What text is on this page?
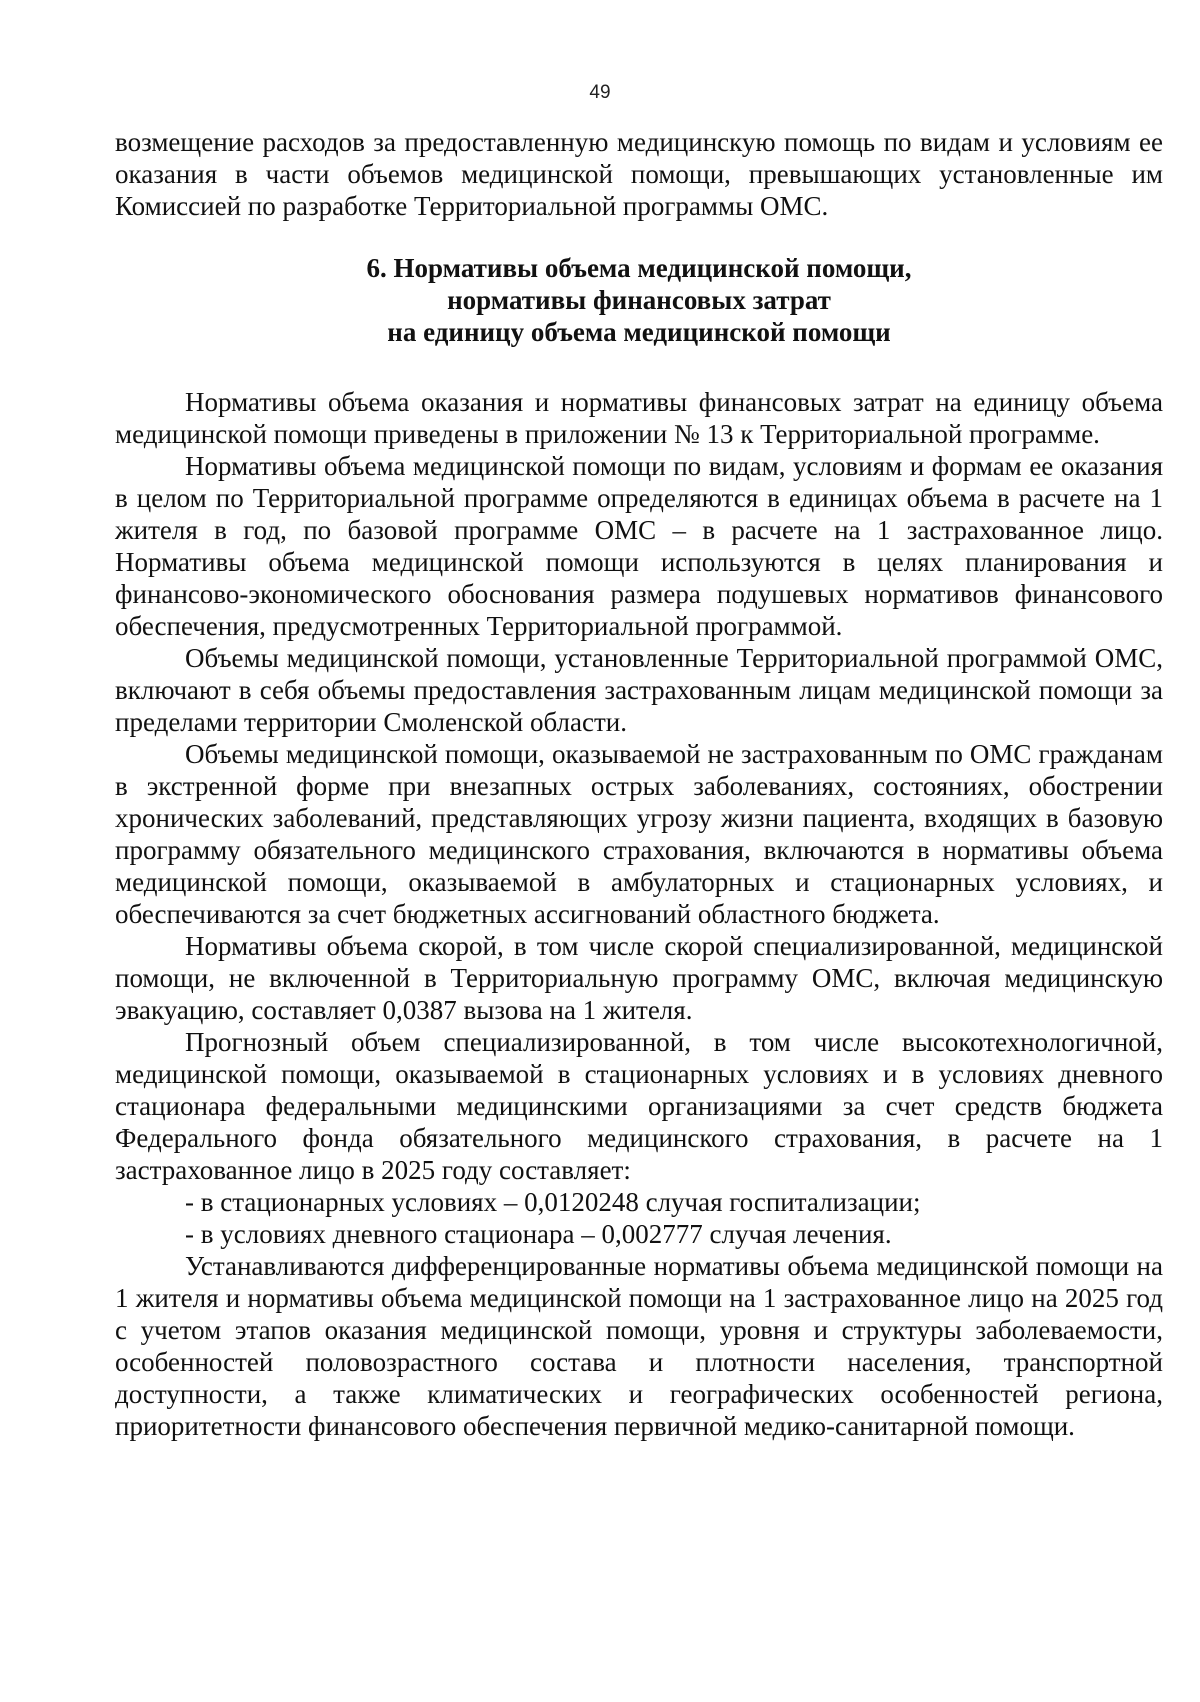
49

возмещение расходов за предоставленную медицинскую помощь по видам и условиям ее оказания в части объемов медицинской помощи, превышающих установленные им Комиссией по разработке Территориальной программы ОМС.

6. Нормативы объема медицинской помощи,
нормативы финансовых затрат
на единицу объема медицинской помощи

Нормативы объема оказания и нормативы финансовых затрат на единицу объема медицинской помощи приведены в приложении № 13 к Территориальной программе.

Нормативы объема медицинской помощи по видам, условиям и формам ее оказания в целом по Территориальной программе определяются в единицах объема в расчете на 1 жителя в год, по базовой программе ОМС – в расчете на 1 застрахованное лицо. Нормативы объема медицинской помощи используются в целях планирования и финансово-экономического обоснования размера подушевых нормативов финансового обеспечения, предусмотренных Территориальной программой.

Объемы медицинской помощи, установленные Территориальной программой ОМС, включают в себя объемы предоставления застрахованным лицам медицинской помощи за пределами территории Смоленской области.

Объемы медицинской помощи, оказываемой не застрахованным по ОМС гражданам в экстренной форме при внезапных острых заболеваниях, состояниях, обострении хронических заболеваний, представляющих угрозу жизни пациента, входящих в базовую программу обязательного медицинского страхования, включаются в нормативы объема медицинской помощи, оказываемой в амбулаторных и стационарных условиях, и обеспечиваются за счет бюджетных ассигнований областного бюджета.

Нормативы объема скорой, в том числе скорой специализированной, медицинской помощи, не включенной в Территориальную программу ОМС, включая медицинскую эвакуацию, составляет 0,0387 вызова на 1 жителя.

Прогнозный объем специализированной, в том числе высокотехнологичной, медицинской помощи, оказываемой в стационарных условиях и в условиях дневного стационара федеральными медицинскими организациями за счет средств бюджета Федерального фонда обязательного медицинского страхования, в расчете на 1 застрахованное лицо в 2025 году составляет:

- в стационарных условиях – 0,0120248 случая госпитализации;

- в условиях дневного стационара – 0,002777 случая лечения.

Устанавливаются дифференцированные нормативы объема медицинской помощи на 1 жителя и нормативы объема медицинской помощи на 1 застрахованное лицо на 2025 год с учетом этапов оказания медицинской помощи, уровня и структуры заболеваемости, особенностей половозрастного состава и плотности населения, транспортной доступности, а также климатических и географических особенностей региона, приоритетности финансового обеспечения первичной медико-санитарной помощи.
